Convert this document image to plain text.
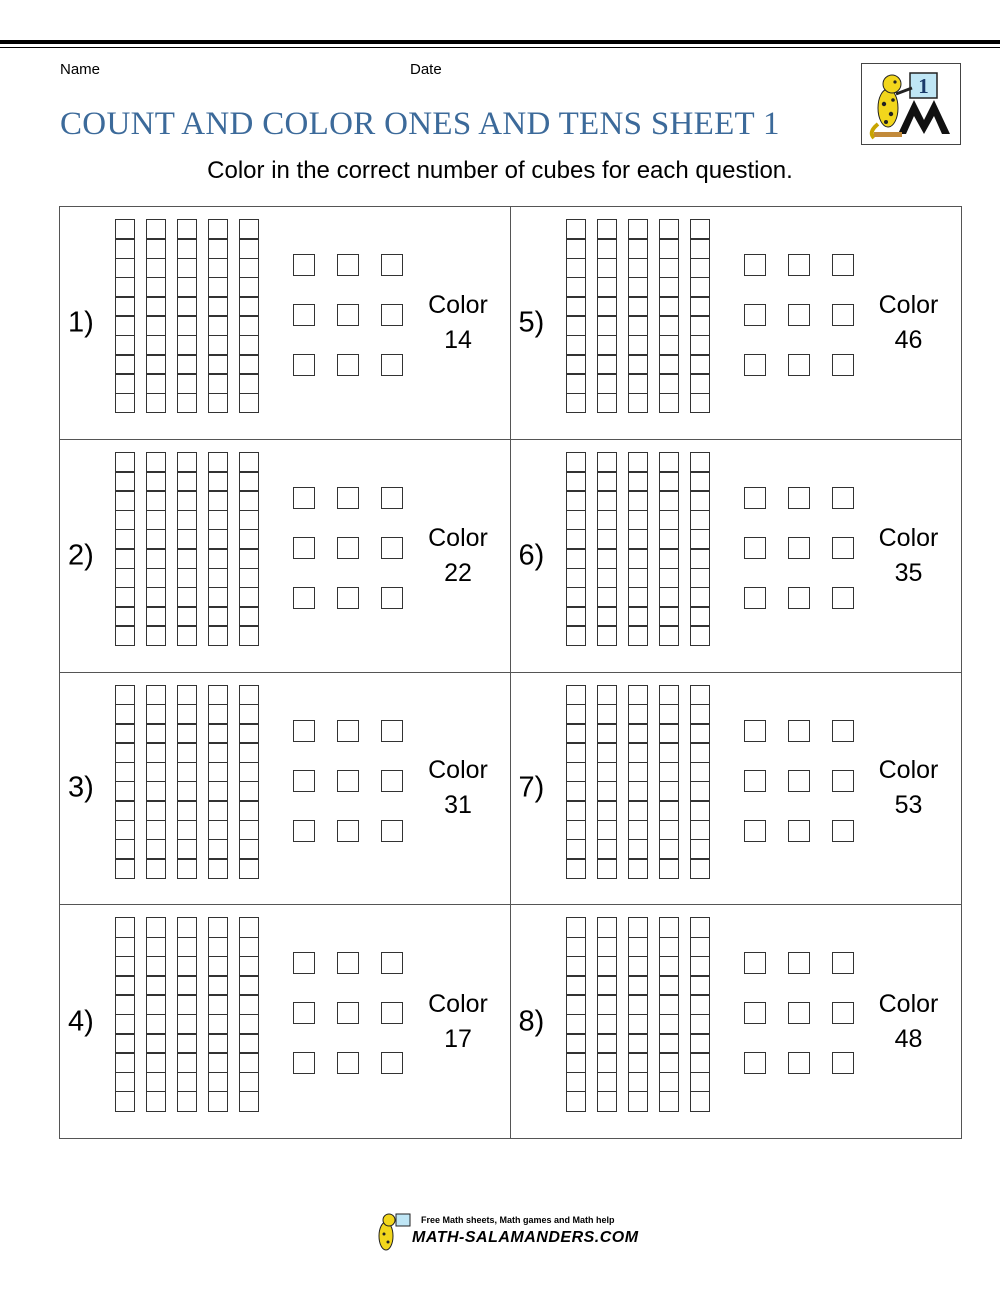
Name	Date
COUNT AND COLOR ONES AND TENS SHEET 1
1
Color in the correct number of cubes for each question.
1)
Color
14
5)
Color
46
2)
Color
22
6)
Color
35
3)
Color
31
7)
Color
53
4)
Color
17
8)
Color
48
Free Math sheets, Math games and Math help
MATH-SALAMANDERS.COM
